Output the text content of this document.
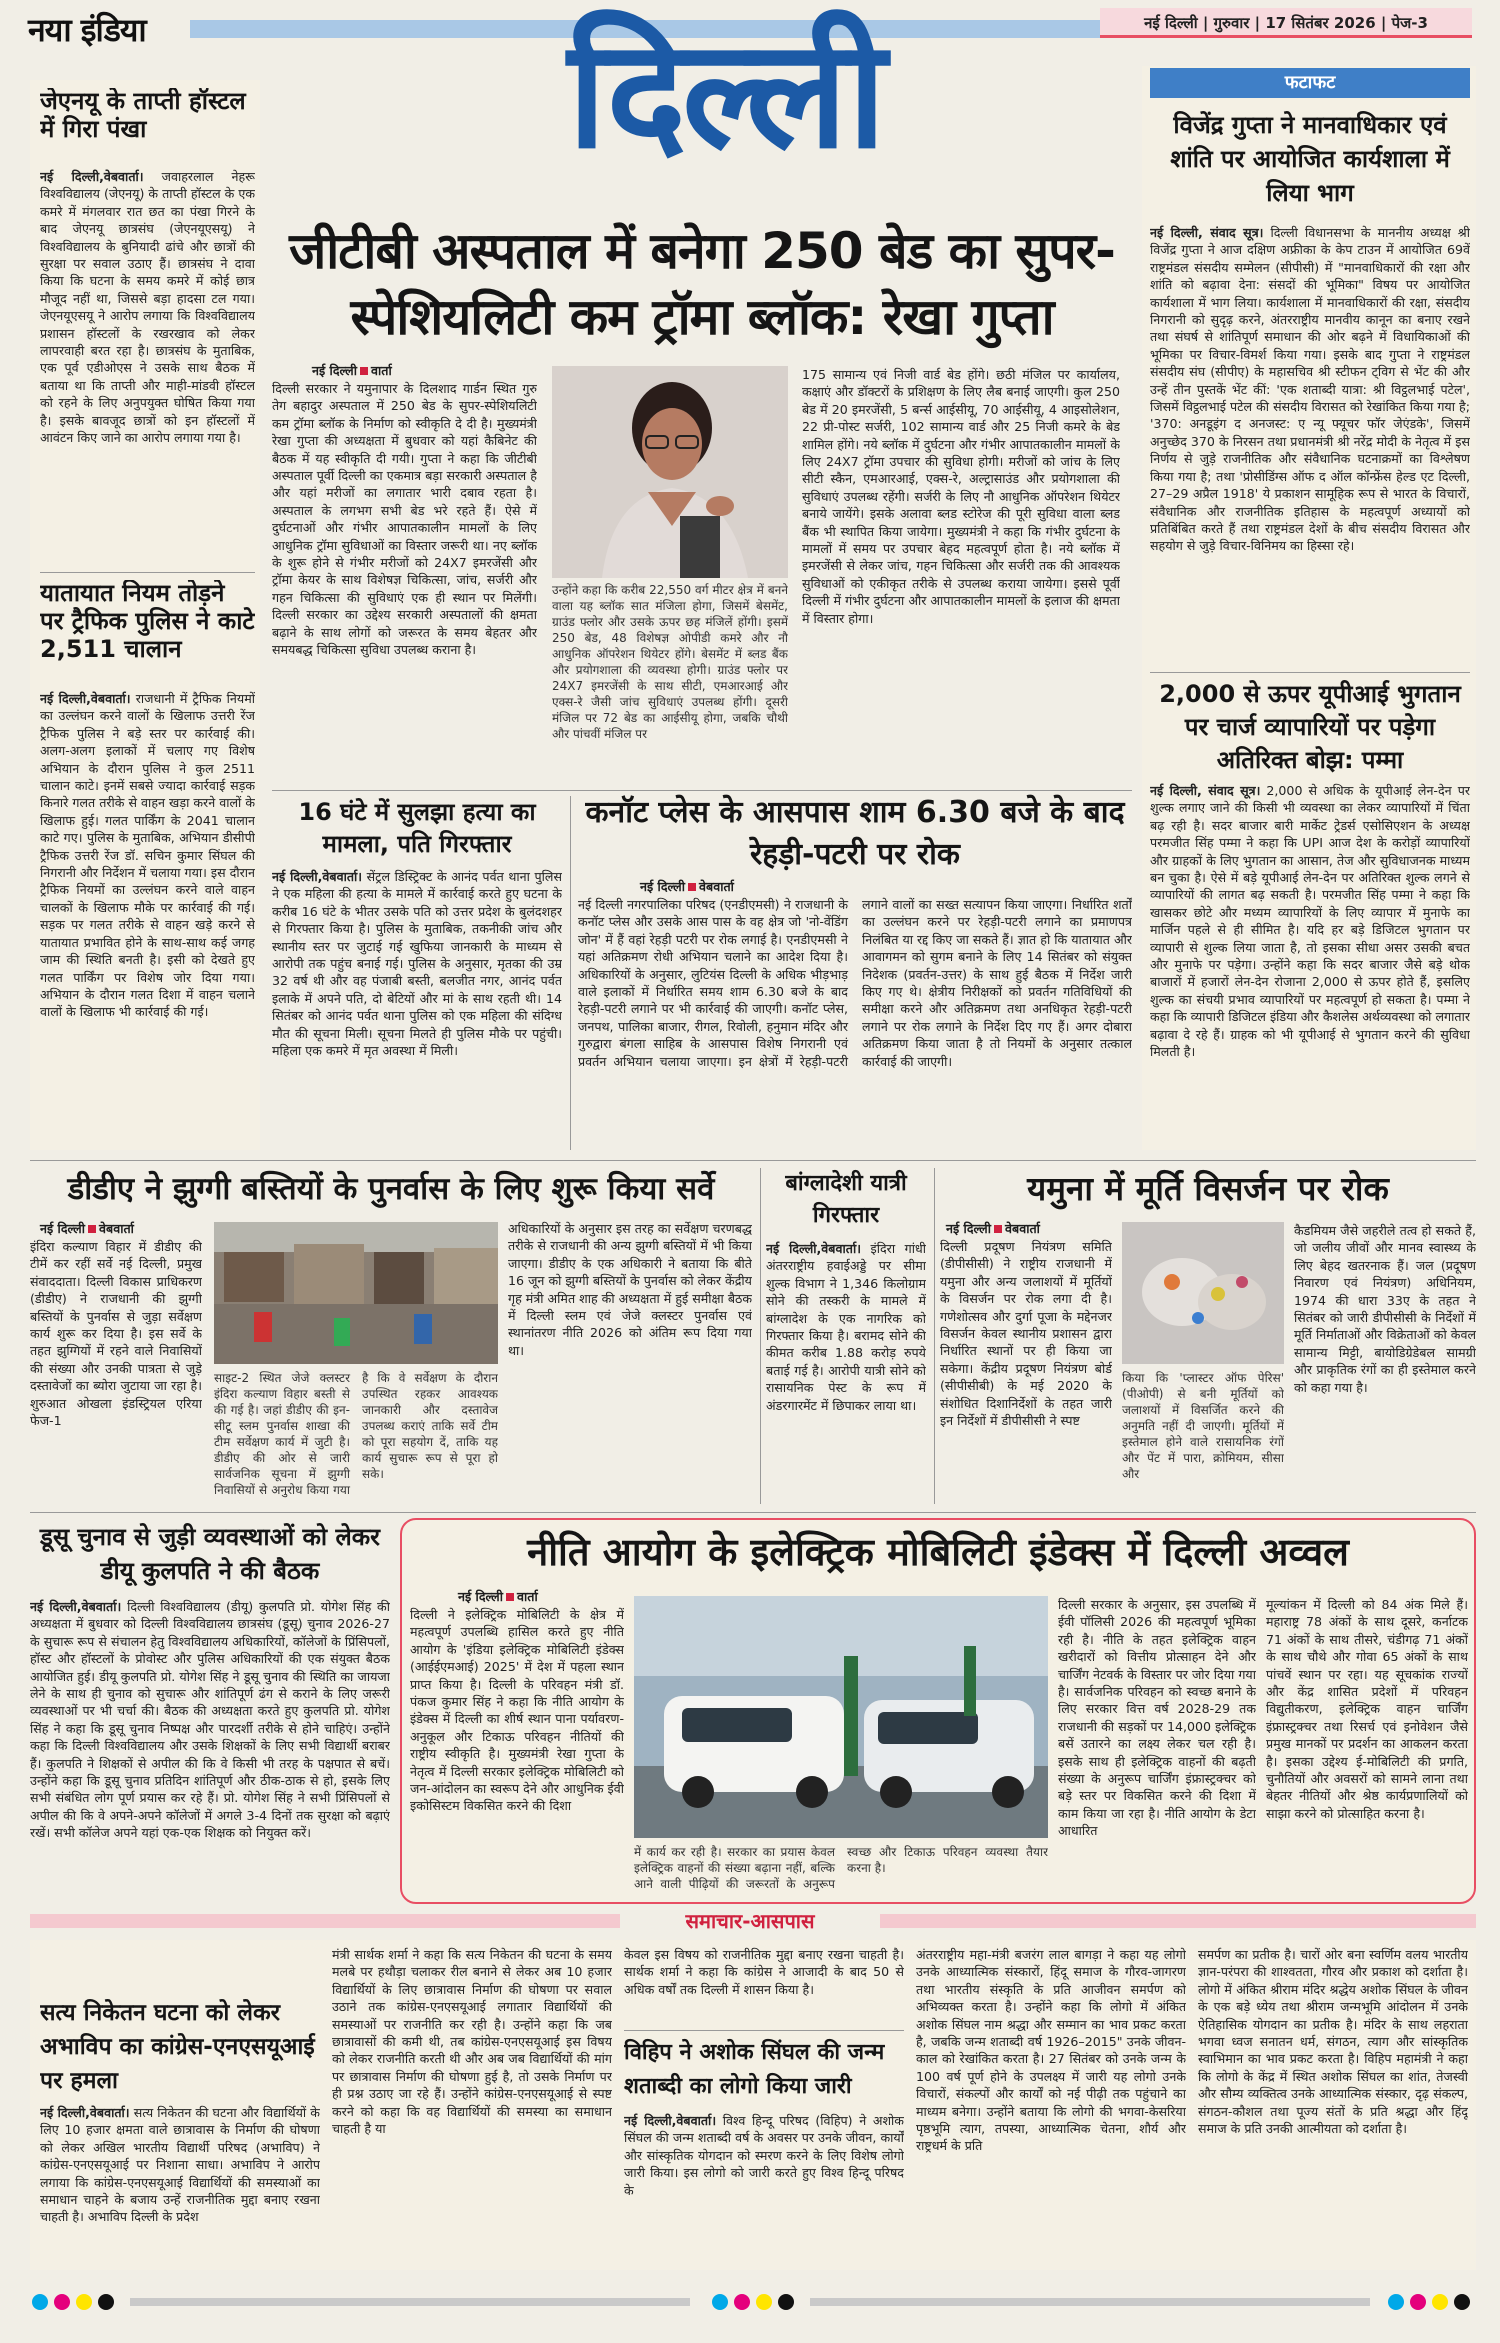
नया इंडिया	नई दिल्ली | गुरुवार | 17 सितंबर 2026 | पेज-3
दिल्ली
जेएनयू के ताप्ती हॉस्टल में गिरा पंखा
नई दिल्ली,वेबवार्ता। जवाहरलाल नेहरू विश्वविद्यालय (जेएनयू) के ताप्ती हॉस्टल के एक कमरे में मंगलवार रात छत का पंखा गिरने के बाद जेएनयू छात्रसंघ (जेएनयूएसयू) ने विश्वविद्यालय के बुनियादी ढांचे और छात्रों की सुरक्षा पर सवाल उठाए हैं। छात्रसंघ ने दावा किया कि घटना के समय कमरे में कोई छात्र मौजूद नहीं था, जिससे बड़ा हादसा टल गया। जेएनयूएसयू ने आरोप लगाया कि विश्वविद्यालय प्रशासन हॉस्टलों के रखरखाव को लेकर लापरवाही बरत रहा है। छात्रसंघ के मुताबिक, एक पूर्व एडीओएस ने उसके साथ बैठक में बताया था कि ताप्ती और माही-मांडवी हॉस्टल को रहने के लिए अनुपयुक्त घोषित किया गया है। इसके बावजूद छात्रों को इन हॉस्टलों में आवंटन किए जाने का आरोप लगाया गया है।
यातायात नियम तोड़ने पर ट्रैफिक पुलिस ने काटे 2,511 चालान
नई दिल्ली,वेबवार्ता। राजधानी में ट्रैफिक नियमों का उल्लंघन करने वालों के खिलाफ उत्तरी रेंज ट्रैफिक पुलिस ने बड़े स्तर पर कार्रवाई की। अलग-अलग इलाकों में चलाए गए विशेष अभियान के दौरान पुलिस ने कुल 2511 चालान काटे। इनमें सबसे ज्यादा कार्रवाई सड़क किनारे गलत तरीके से वाहन खड़ा करने वालों के खिलाफ हुई। गलत पार्किंग के 2041 चालान काटे गए। पुलिस के मुताबिक, अभियान डीसीपी ट्रैफिक उत्तरी रेंज डॉ. सचिन कुमार सिंघल की निगरानी और निर्देशन में चलाया गया। इस दौरान ट्रैफिक नियमों का उल्लंघन करने वाले वाहन चालकों के खिलाफ मौके पर कार्रवाई की गई। सड़क पर गलत तरीके से वाहन खड़े करने से यातायात प्रभावित होने के साथ-साथ कई जगह जाम की स्थिति बनती है। इसी को देखते हुए गलत पार्किंग पर विशेष जोर दिया गया। अभियान के दौरान गलत दिशा में वाहन चलाने वालों के खिलाफ भी कार्रवाई की गई।
जीटीबी अस्पताल में बनेगा 250 बेड का सुपर-स्पेशियलिटी कम ट्रॉमा ब्लॉक: रेखा गुप्ता
नई दिल्ली वार्ता
दिल्ली सरकार ने यमुनापार के दिलशाद गार्डन स्थित गुरु तेग बहादुर अस्पताल में 250 बेड के सुपर-स्पेशियलिटी कम ट्रॉमा ब्लॉक के निर्माण को स्वीकृति दे दी है। मुख्यमंत्री रेखा गुप्ता की अध्यक्षता में बुधवार को यहां कैबिनेट की बैठक में यह स्वीकृति दी गयी। गुप्ता ने कहा कि जीटीबी अस्पताल पूर्वी दिल्ली का एकमात्र बड़ा सरकारी अस्पताल है और यहां मरीजों का लगातार भारी दबाव रहता है। अस्पताल के लगभग सभी बेड भरे रहते हैं। ऐसे में दुर्घटनाओं और गंभीर आपातकालीन मामलों के लिए आधुनिक ट्रॉमा सुविधाओं का विस्तार जरूरी था। नए ब्लॉक के शुरू होने से गंभीर मरीजों को 24X7 इमरजेंसी और ट्रॉमा केयर के साथ विशेषज्ञ चिकित्सा, जांच, सर्जरी और गहन चिकित्सा की सुविधाएं एक ही स्थान पर मिलेंगी। दिल्ली सरकार का उद्देश्य सरकारी अस्पतालों की क्षमता बढ़ाने के साथ लोगों को जरूरत के समय बेहतर और समयबद्ध चिकित्सा सुविधा उपलब्ध कराना है।
उन्होंने कहा कि करीब 22,550 वर्ग मीटर क्षेत्र में बनने वाला यह ब्लॉक सात मंजिला होगा, जिसमें बेसमेंट, ग्राउंड फ्लोर और उसके ऊपर छह मंजिलें होंगी। इसमें 250 बेड, 48 विशेषज्ञ ओपीडी कमरे और नौ आधुनिक ऑपरेशन थियेटर होंगे। बेसमेंट में ब्लड बैंक और प्रयोगशाला की व्यवस्था होगी। ग्राउंड फ्लोर पर 24X7 इमरजेंसी के साथ सीटी, एमआरआई और एक्स-रे जैसी जांच सुविधाएं उपलब्ध होंगी। दूसरी मंजिल पर 72 बेड का आईसीयू होगा, जबकि चौथी और पांचवीं मंजिल पर
175 सामान्य एवं निजी वार्ड बेड होंगे। छठी मंजिल पर कार्यालय, कक्षाएं और डॉक्टरों के प्रशिक्षण के लिए लैब बनाई जाएगी। कुल 250 बेड में 20 इमरजेंसी, 5 बर्न्स आईसीयू, 70 आईसीयू, 4 आइसोलेशन, 22 प्री-पोस्ट सर्जरी, 102 सामान्य वार्ड और 25 निजी कमरे के बेड शामिल होंगे। नये ब्लॉक में दुर्घटना और गंभीर आपातकालीन मामलों के लिए 24X7 ट्रॉमा उपचार की सुविधा होगी। मरीजों को जांच के लिए सीटी स्कैन, एमआरआई, एक्स-रे, अल्ट्रासाउंड और प्रयोगशाला की सुविधाएं उपलब्ध रहेंगी। सर्जरी के लिए नौ आधुनिक ऑपरेशन थियेटर बनाये जायेंगे। इसके अलावा ब्लड स्टोरेज की पूरी सुविधा वाला ब्लड बैंक भी स्थापित किया जायेगा। मुख्यमंत्री ने कहा कि गंभीर दुर्घटना के मामलों में समय पर उपचार बेहद महत्वपूर्ण होता है। नये ब्लॉक में इमरजेंसी से लेकर जांच, गहन चिकित्सा और सर्जरी तक की आवश्यक सुविधाओं को एकीकृत तरीके से उपलब्ध कराया जायेगा। इससे पूर्वी दिल्ली में गंभीर दुर्घटना और आपातकालीन मामलों के इलाज की क्षमता में विस्तार होगा।
फटाफट
विजेंद्र गुप्ता ने मानवाधिकार एवं शांति पर आयोजित कार्यशाला में लिया भाग
नई दिल्ली, संवाद सूत्र। दिल्ली विधानसभा के माननीय अध्यक्ष श्री विजेंद्र गुप्ता ने आज दक्षिण अफ्रीका के केप टाउन में आयोजित 69वें राष्ट्रमंडल संसदीय सम्मेलन (सीपीसी) में "मानवाधिकारों की रक्षा और शांति को बढ़ावा देना: संसदों की भूमिका" विषय पर आयोजित कार्यशाला में भाग लिया। कार्यशाला में मानवाधिकारों की रक्षा, संसदीय निगरानी को सुदृढ़ करने, अंतरराष्ट्रीय मानवीय कानून का बनाए रखने तथा संघर्ष से शांतिपूर्ण समाधान की ओर बढ़ने में विधायिकाओं की भूमिका पर विचार-विमर्श किया गया। इसके बाद गुप्ता ने राष्ट्रमंडल संसदीय संघ (सीपीए) के महासचिव श्री स्टीफन ट्विग से भेंट की और उन्हें तीन पुस्तकें भेंट कीं: 'एक शताब्दी यात्रा: श्री विट्ठलभाई पटेल', जिसमें विट्ठलभाई पटेल की संसदीय विरासत को रेखांकित किया गया है; '370: अनडूइंग द अनजस्ट: ए न्यू फ्यूचर फॉर जेएंडके', जिसमें अनुच्छेद 370 के निरसन तथा प्रधानमंत्री श्री नरेंद्र मोदी के नेतृत्व में इस निर्णय से जुड़े राजनीतिक और संवैधानिक घटनाक्रमों का विश्लेषण किया गया है; तथा 'प्रोसीडिंग्स ऑफ द ऑल कॉन्फ्रेंस हेल्ड एट दिल्ली, 27–29 अप्रैल 1918' ये प्रकाशन सामूहिक रूप से भारत के विचारों, संवैधानिक और राजनीतिक इतिहास के महत्वपूर्ण अध्यायों को प्रतिबिंबित करते हैं तथा राष्ट्रमंडल देशों के बीच संसदीय विरासत और सहयोग से जुड़े विचार-विनिमय का हिस्सा रहे।
2,000 से ऊपर यूपीआई भुगतान पर चार्ज व्यापारियों पर पड़ेगा अतिरिक्त बोझ: पम्मा
नई दिल्ली, संवाद सूत्र। 2,000 से अधिक के यूपीआई लेन-देन पर शुल्क लगाए जाने की किसी भी व्यवस्था का लेकर व्यापारियों में चिंता बढ़ रही है। सदर बाजार बारी मार्केट ट्रेडर्स एसोसिएशन के अध्यक्ष परमजीत सिंह पम्मा ने कहा कि UPI आज देश के करोड़ों व्यापारियों और ग्राहकों के लिए भुगतान का आसान, तेज और सुविधाजनक माध्यम बन चुका है। ऐसे में बड़े यूपीआई लेन-देन पर अतिरिक्त शुल्क लगने से व्यापारियों की लागत बढ़ सकती है। परमजीत सिंह पम्मा ने कहा कि खासकर छोटे और मध्यम व्यापारियों के लिए व्यापार में मुनाफे का मार्जिन पहले से ही सीमित है। यदि हर बड़े डिजिटल भुगतान पर व्यापारी से शुल्क लिया जाता है, तो इसका सीधा असर उसकी बचत और मुनाफे पर पड़ेगा। उन्होंने कहा कि सदर बाजार जैसे बड़े थोक बाजारों में हजारों लेन-देन रोजाना 2,000 से ऊपर होते हैं, इसलिए शुल्क का संचयी प्रभाव व्यापारियों पर महत्वपूर्ण हो सकता है। पम्मा ने कहा कि व्यापारी डिजिटल इंडिया और कैशलेस अर्थव्यवस्था को लगातार बढ़ावा दे रहे हैं। ग्राहक को भी यूपीआई से भुगतान करने की सुविधा मिलती है।
16 घंटे में सुलझा हत्या का मामला, पति गिरफ्तार
नई दिल्ली,वेबवार्ता। सेंट्रल डिस्ट्रिक्ट के आनंद पर्वत थाना पुलिस ने एक महिला की हत्या के मामले में कार्रवाई करते हुए घटना के करीब 16 घंटे के भीतर उसके पति को उत्तर प्रदेश के बुलंदशहर से गिरफ्तार किया है। पुलिस के मुताबिक, तकनीकी जांच और स्थानीय स्तर पर जुटाई गई खुफिया जानकारी के माध्यम से आरोपी तक पहुंच बनाई गई। पुलिस के अनुसार, मृतका की उम्र 32 वर्ष थी और वह पंजाबी बस्ती, बलजीत नगर, आनंद पर्वत इलाके में अपने पति, दो बेटियों और मां के साथ रहती थी। 14 सितंबर को आनंद पर्वत थाना पुलिस को एक महिला की संदिग्ध मौत की सूचना मिली। सूचना मिलते ही पुलिस मौके पर पहुंची। महिला एक कमरे में मृत अवस्था में मिली।
कनॉट प्लेस के आसपास शाम 6.30 बजे के बाद रेहड़ी-पटरी पर रोक
नई दिल्ली वेबवार्ता
नई दिल्ली नगरपालिका परिषद (एनडीएमसी) ने राजधानी के कनॉट प्लेस और उसके आस पास के वह क्षेत्र जो 'नो-वेंडिंग जोन' में हैं वहां रेहड़ी पटरी पर रोक लगाई है। एनडीएमसी ने यहां अतिक्रमण रोधी अभियान चलाने का आदेश दिया है। अधिकारियों के अनुसार, लुटियंस दिल्ली के अधिक भीड़भाड़ वाले इलाकों में निर्धारित समय शाम 6.30 बजे के बाद रेहड़ी-पटरी लगाने पर भी कार्रवाई की जाएगी। कनॉट प्लेस, जनपथ, पालिका बाजार, रीगल, रिवोली, हनुमान मंदिर और गुरुद्वारा बंगला साहिब के आसपास विशेष निगरानी एवं प्रवर्तन अभियान चलाया जाएगा। इन क्षेत्रों में रेहड़ी-पटरी लगाने वालों का सख्त सत्यापन किया जाएगा। निर्धारित शर्तों का उल्लंघन करने पर रेहड़ी-पटरी लगाने का प्रमाणपत्र निलंबित या रद्द किए जा सकते हैं। ज्ञात हो कि यातायात और आवागमन को सुगम बनाने के लिए 14 सितंबर को संयुक्त निदेशक (प्रवर्तन-उत्तर) के साथ हुई बैठक में निर्देश जारी किए गए थे। क्षेत्रीय निरीक्षकों को प्रवर्तन गतिविधियों की समीक्षा करने और अतिक्रमण तथा अनधिकृत रेहड़ी-पटरी लगाने पर रोक लगाने के निर्देश दिए गए हैं। अगर दोबारा अतिक्रमण किया जाता है तो नियमों के अनुसार तत्काल कार्रवाई की जाएगी।
डीडीए ने झुग्गी बस्तियों के पुनर्वास के लिए शुरू किया सर्वे
नई दिल्ली वेबवार्ता
इंदिरा कल्याण विहार में डीडीए की टीमें कर रहीं सर्वे नई दिल्ली, प्रमुख संवाददाता। दिल्ली विकास प्राधिकरण (डीडीए) ने राजधानी की झुग्गी बस्तियों के पुनर्वास से जुड़ा सर्वेक्षण कार्य शुरू कर दिया है। इस सर्वे के तहत झुग्गियों में रहने वाले निवासियों की संख्या और उनकी पात्रता से जुड़े दस्तावेजों का ब्योरा जुटाया जा रहा है। शुरुआत ओखला इंडस्ट्रियल एरिया फेज-1
साइट-2 स्थित जेजे क्लस्टर इंदिरा कल्याण विहार बस्ती से की गई है। जहां डीडीए की इन-सीटू स्लम पुनर्वास शाखा की टीम सर्वेक्षण कार्य में जुटी है। डीडीए की ओर से जारी सार्वजनिक सूचना में झुग्गी निवासियों से अनुरोध किया गया है कि वे सर्वेक्षण के दौरान उपस्थित रहकर आवश्यक जानकारी और दस्तावेज उपलब्ध कराएं ताकि सर्वे टीम को पूरा सहयोग दें, ताकि यह कार्य सुचारू रूप से पूरा हो सके।
अधिकारियों के अनुसार इस तरह का सर्वेक्षण चरणबद्ध तरीके से राजधानी की अन्य झुग्गी बस्तियों में भी किया जाएगा। डीडीए के एक अधिकारी ने बताया कि बीते 16 जून को झुग्गी बस्तियों के पुनर्वास को लेकर केंद्रीय गृह मंत्री अमित शाह की अध्यक्षता में हुई समीक्षा बैठक में दिल्ली स्लम एवं जेजे क्लस्टर पुनर्वास एवं स्थानांतरण नीति 2026 को अंतिम रूप दिया गया था।
बांग्लादेशी यात्री गिरफ्तार
नई दिल्ली,वेबवार्ता। इंदिरा गांधी अंतरराष्ट्रीय हवाईअड्डे पर सीमा शुल्क विभाग ने 1,346 किलोग्राम सोने की तस्करी के मामले में बांग्लादेश के एक नागरिक को गिरफ्तार किया है। बरामद सोने की कीमत करीब 1.88 करोड़ रुपये बताई गई है। आरोपी यात्री सोने को रासायनिक पेस्ट के रूप में अंडरगारमेंट में छिपाकर लाया था।
यमुना में मूर्ति विसर्जन पर रोक
नई दिल्ली वेबवार्ता
दिल्ली प्रदूषण नियंत्रण समिति (डीपीसीसी) ने राष्ट्रीय राजधानी में यमुना और अन्य जलाशयों में मूर्तियों के विसर्जन पर रोक लगा दी है। गणेशोत्सव और दुर्गा पूजा के मद्देनजर विसर्जन केवल स्थानीय प्रशासन द्वारा निर्धारित स्थानों पर ही किया जा सकेगा। केंद्रीय प्रदूषण नियंत्रण बोर्ड (सीपीसीबी) के मई 2020 के संशोधित दिशानिर्देशों के तहत जारी इन निर्देशों में डीपीसीसी ने स्पष्ट
किया कि 'प्लास्टर ऑफ पेरिस' (पीओपी) से बनी मूर्तियों को जलाशयों में विसर्जित करने की अनुमति नहीं दी जाएगी। मूर्तियों में इस्तेमाल होने वाले रासायनिक रंगों और पेंट में पारा, क्रोमियम, सीसा और
कैडमियम जैसे जहरीले तत्व हो सकते हैं, जो जलीय जीवों और मानव स्वास्थ्य के लिए बेहद खतरनाक हैं। जल (प्रदूषण निवारण एवं नियंत्रण) अधिनियम, 1974 की धारा 33ए के तहत ने सितंबर को जारी डीपीसीसी के निर्देशों में मूर्ति निर्माताओं और विक्रेताओं को केवल सामान्य मिट्टी, बायोडिग्रेडेबल सामग्री और प्राकृतिक रंगों का ही इस्तेमाल करने को कहा गया है।
डूसू चुनाव से जुड़ी व्यवस्थाओं को लेकर डीयू कुलपति ने की बैठक
नई दिल्ली,वेबवार्ता। दिल्ली विश्वविद्यालय (डीयू) कुलपति प्रो. योगेश सिंह की अध्यक्षता में बुधवार को दिल्ली विश्वविद्यालय छात्रसंघ (डूसू) चुनाव 2026-27 के सुचारू रूप से संचालन हेतु विश्वविद्यालय अधिकारियों, कॉलेजों के प्रिंसिपलों, हॉस्ट और हॉस्टलों के प्रोवोस्ट और पुलिस अधिकारियों की एक संयुक्त बैठक आयोजित हुई। डीयू कुलपति प्रो. योगेश सिंह ने डूसू चुनाव की स्थिति का जायजा लेने के साथ ही चुनाव को सुचारू और शांतिपूर्ण ढंग से कराने के लिए जरूरी व्यवस्थाओं पर भी चर्चा की। बैठक की अध्यक्षता करते हुए कुलपति प्रो. योगेश सिंह ने कहा कि डूसू चुनाव निष्पक्ष और पारदर्शी तरीके से होने चाहिएं। उन्होंने कहा कि दिल्ली विश्वविद्यालय और उसके शिक्षकों के लिए सभी विद्यार्थी बराबर हैं। कुलपति ने शिक्षकों से अपील की कि वे किसी भी तरह के पक्षपात से बचें। उन्होंने कहा कि डूसू चुनाव प्रतिदिन शांतिपूर्ण और ठीक-ठाक से हो, इसके लिए सभी संबंधित लोग पूर्ण प्रयास कर रहे हैं। प्रो. योगेश सिंह ने सभी प्रिंसिपलों से अपील की कि वे अपने-अपने कॉलेजों में अगले 3-4 दिनों तक सुरक्षा को बढ़ाएं रखें। सभी कॉलेज अपने यहां एक-एक शिक्षक को नियुक्त करें।
नीति आयोग के इलेक्ट्रिक मोबिलिटी इंडेक्स में दिल्ली अव्वल
नई दिल्ली वार्ता
दिल्ली ने इलेक्ट्रिक मोबिलिटी के क्षेत्र में महत्वपूर्ण उपलब्धि हासिल करते हुए नीति आयोग के 'इंडिया इलेक्ट्रिक मोबिलिटी इंडेक्स (आईईएमआई) 2025' में देश में पहला स्थान प्राप्त किया है। दिल्ली के परिवहन मंत्री डॉ. पंकज कुमार सिंह ने कहा कि नीति आयोग के इंडेक्स में दिल्ली का शीर्ष स्थान पाना पर्यावरण-अनुकूल और टिकाऊ परिवहन नीतियों की राष्ट्रीय स्वीकृति है। मुख्यमंत्री रेखा गुप्ता के नेतृत्व में दिल्ली सरकार इलेक्ट्रिक मोबिलिटी को जन-आंदोलन का स्वरूप देने और आधुनिक ईवी इकोसिस्टम विकसित करने की दिशा
में कार्य कर रही है। सरकार का प्रयास केवल इलेक्ट्रिक वाहनों की संख्या बढ़ाना नहीं, बल्कि आने वाली पीढ़ियों की जरूरतों के अनुरूप स्वच्छ और टिकाऊ परिवहन व्यवस्था तैयार करना है।
दिल्ली सरकार के अनुसार, इस उपलब्धि में ईवी पॉलिसी 2026 की महत्वपूर्ण भूमिका रही है। नीति के तहत इलेक्ट्रिक वाहन खरीदारों को वित्तीय प्रोत्साहन देने और चार्जिंग नेटवर्क के विस्तार पर जोर दिया गया है। सार्वजनिक परिवहन को स्वच्छ बनाने के लिए सरकार वित्त वर्ष 2028-29 तक राजधानी की सड़कों पर 14,000 इलेक्ट्रिक बसें उतारने का लक्ष्य लेकर चल रही है। इसके साथ ही इलेक्ट्रिक वाहनों की बढ़ती संख्या के अनुरूप चार्जिंग इंफ्रास्ट्रक्चर को बड़े स्तर पर विकसित करने की दिशा में काम किया जा रहा है। नीति आयोग के डेटा आधारित
मूल्यांकन में दिल्ली को 84 अंक मिले हैं। महाराष्ट्र 78 अंकों के साथ दूसरे, कर्नाटक 71 अंकों के साथ तीसरे, चंडीगढ़ 71 अंकों के साथ चौथे और गोवा 65 अंकों के साथ पांचवें स्थान पर रहा। यह सूचकांक राज्यों और केंद्र शासित प्रदेशों में परिवहन विद्युतीकरण, इलेक्ट्रिक वाहन चार्जिंग इंफ्रास्ट्रक्चर तथा रिसर्च एवं इनोवेशन जैसे प्रमुख मानकों पर प्रदर्शन का आकलन करता है। इसका उद्देश्य ई-मोबिलिटी की प्रगति, चुनौतियों और अवसरों को सामने लाना तथा बेहतर नीतियों और श्रेष्ठ कार्यप्रणालियों को साझा करने को प्रोत्साहित करना है।
समाचार-आसपास
सत्य निकेतन घटना को लेकर अभाविप का कांग्रेस-एनएसयूआई पर हमला
नई दिल्ली,वेबवार्ता। सत्य निकेतन की घटना और विद्यार्थियों के लिए 10 हजार क्षमता वाले छात्रावास के निर्माण की घोषणा को लेकर अखिल भारतीय विद्यार्थी परिषद (अभाविप) ने कांग्रेस-एनएसयूआई पर निशाना साधा। अभाविप ने आरोप लगाया कि कांग्रेस-एनएसयूआई विद्यार्थियों की समस्याओं का समाधान चाहने के बजाय उन्हें राजनीतिक मुद्दा बनाए रखना चाहती है। अभाविप दिल्ली के प्रदेश
मंत्री सार्थक शर्मा ने कहा कि सत्य निकेतन की घटना के समय मलबे पर हथौड़ा चलाकर रील बनाने से लेकर अब 10 हजार विद्यार्थियों के लिए छात्रावास निर्माण की घोषणा पर सवाल उठाने तक कांग्रेस-एनएसयूआई लगातार विद्यार्थियों की समस्याओं पर राजनीति कर रही है। उन्होंने कहा कि जब छात्रावासों की कमी थी, तब कांग्रेस-एनएसयूआई इस विषय को लेकर राजनीति करती थी और अब जब विद्यार्थियों की मांग पर छात्रावास निर्माण की घोषणा हुई है, तो उसके निर्माण पर ही प्रश्न उठाए जा रहे हैं। उन्होंने कांग्रेस-एनएसयूआई से स्पष्ट करने को कहा कि वह विद्यार्थियों की समस्या का समाधान चाहती है या
केवल इस विषय को राजनीतिक मुद्दा बनाए रखना चाहती है। सार्थक शर्मा ने कहा कि कांग्रेस ने आजादी के बाद 50 से अधिक वर्षों तक दिल्ली में शासन किया है।
विहिप ने अशोक सिंघल की जन्म शताब्दी का लोगो किया जारी
नई दिल्ली,वेबवार्ता। विश्व हिन्दू परिषद (विहिप) ने अशोक सिंघल की जन्म शताब्दी वर्ष के अवसर पर उनके जीवन, कार्यों और सांस्कृतिक योगदान को स्मरण करने के लिए विशेष लोगो जारी किया। इस लोगो को जारी करते हुए विश्व हिन्दू परिषद के
अंतरराष्ट्रीय महा-मंत्री बजरंग लाल बागड़ा ने कहा यह लोगो उनके आध्यात्मिक संस्कारों, हिंदू समाज के गौरव-जागरण तथा भारतीय संस्कृति के प्रति आजीवन समर्पण को अभिव्यक्त करता है। उन्होंने कहा कि लोगो में अंकित अशोक सिंघल नाम श्रद्धा और सम्मान का भाव प्रकट करता है, जबकि जन्म शताब्दी वर्ष 1926–2015" उनके जीवन-काल को रेखांकित करता है। 27 सितंबर को उनके जन्म के 100 वर्ष पूर्ण होने के उपलक्ष्य में जारी यह लोगो उनके विचारों, संकल्पों और कार्यों को नई पीढ़ी तक पहुंचाने का माध्यम बनेगा। उन्होंने बताया कि लोगो की भगवा-केसरिया पृष्ठभूमि त्याग, तपस्या, आध्यात्मिक चेतना, शौर्य और राष्ट्रधर्म के प्रति
समर्पण का प्रतीक है। चारों ओर बना स्वर्णिम वलय भारतीय ज्ञान-परंपरा की शाश्वतता, गौरव और प्रकाश को दर्शाता है। लोगो में अंकित श्रीराम मंदिर श्रद्धेय अशोक सिंघल के जीवन के एक बड़े ध्येय तथा श्रीराम जन्मभूमि आंदोलन में उनके ऐतिहासिक योगदान का प्रतीक है। मंदिर के साथ लहराता भगवा ध्वज सनातन धर्म, संगठन, त्याग और सांस्कृतिक स्वाभिमान का भाव प्रकट करता है। विहिप महामंत्री ने कहा कि लोगो के केंद्र में स्थित अशोक सिंघल का शांत, तेजस्वी और सौम्य व्यक्तित्व उनके आध्यात्मिक संस्कार, दृढ़ संकल्प, संगठन-कौशल तथा पूज्य संतों के प्रति श्रद्धा और हिंदू समाज के प्रति उनकी आत्मीयता को दर्शाता है।
